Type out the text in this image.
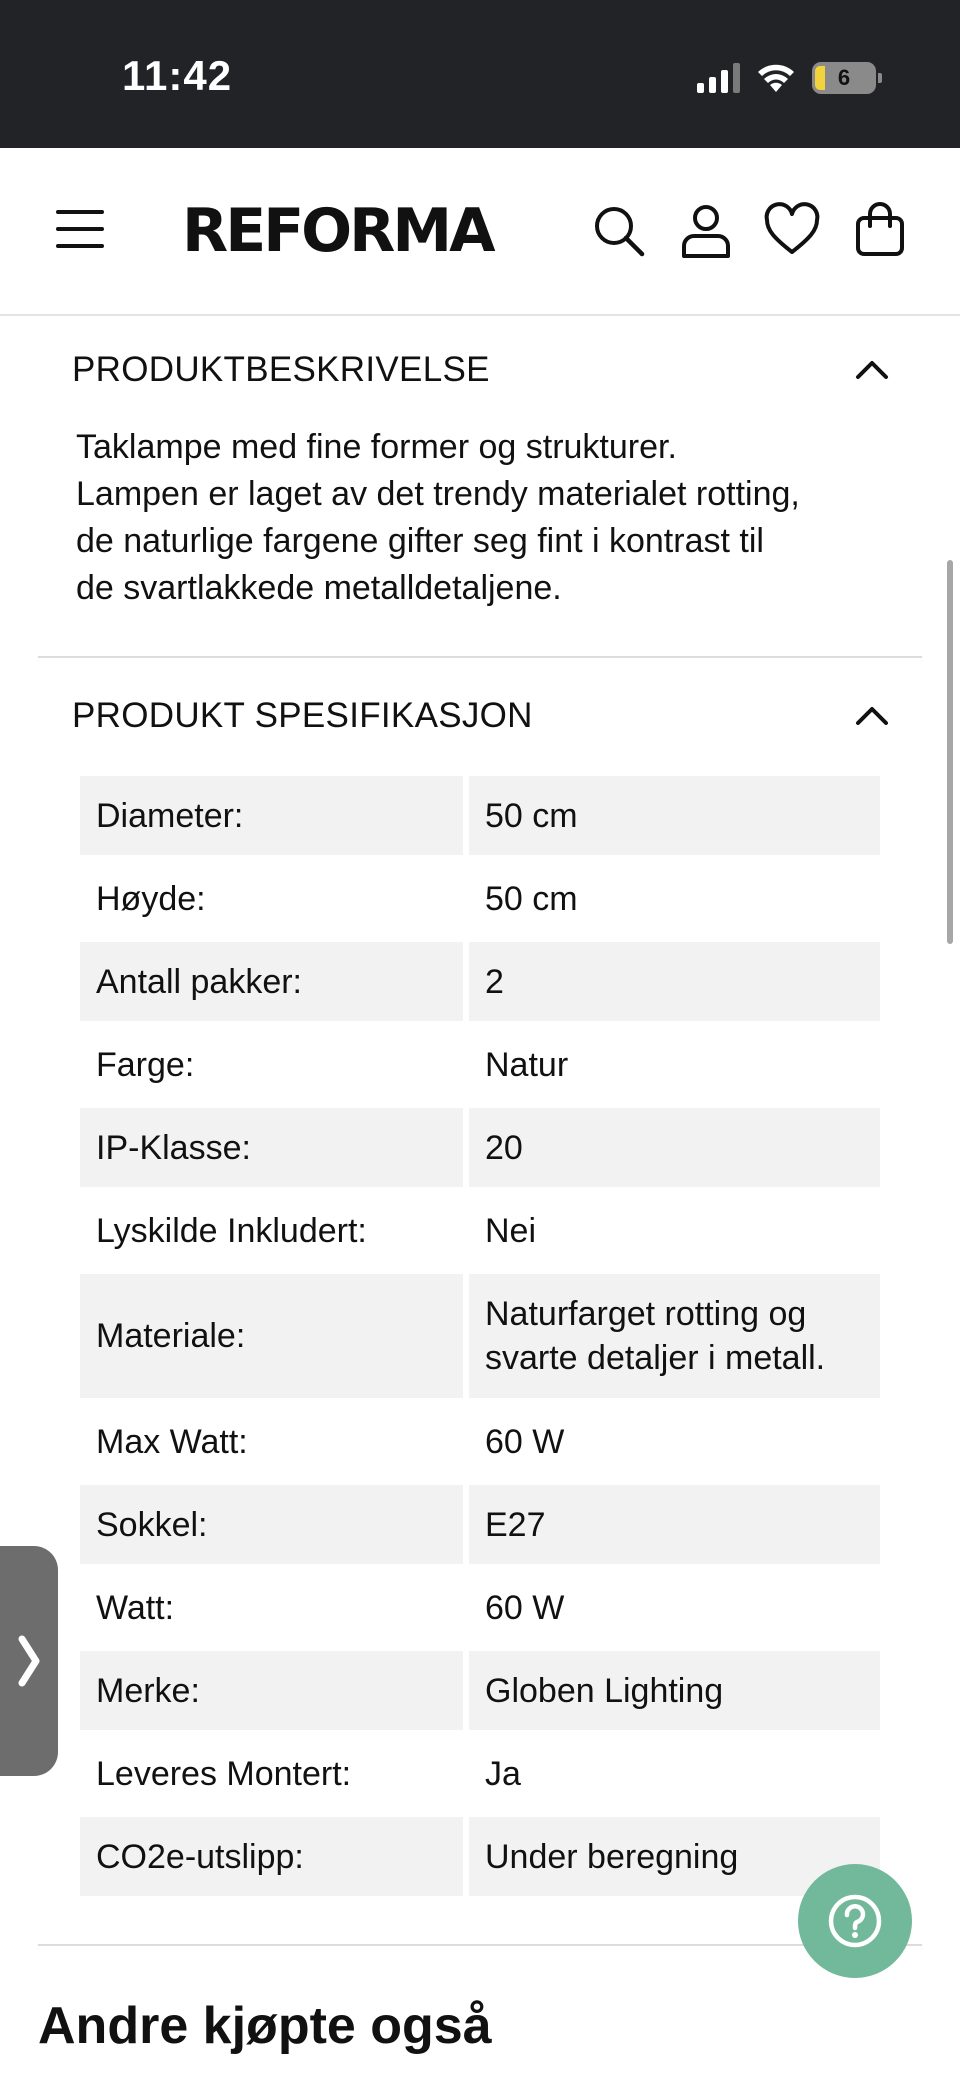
11:42	6
REFORMA
PRODUKTBESKRIVELSE
Taklampe med fine former og strukturer.
Lampen er laget av det trendy materialet rotting,
de naturlige fargene gifter seg fint i kontrast til
de svartlakkede metalldetaljene.
PRODUKT SPESIFIKASJON
Diameter:	50 cm
Høyde:	50 cm
Antall pakker:	2
Farge:	Natur
IP-Klasse:	20
Lyskilde Inkludert:	Nei
Materiale:
Naturfarget rotting og svarte detaljer i metall.
Max Watt:	60 W
Sokkel:	E27
Watt:	60 W
Merke:	Globen Lighting
Leveres Montert:	Ja
CO2e-utslipp:	Under beregning
Andre kjøpte også
